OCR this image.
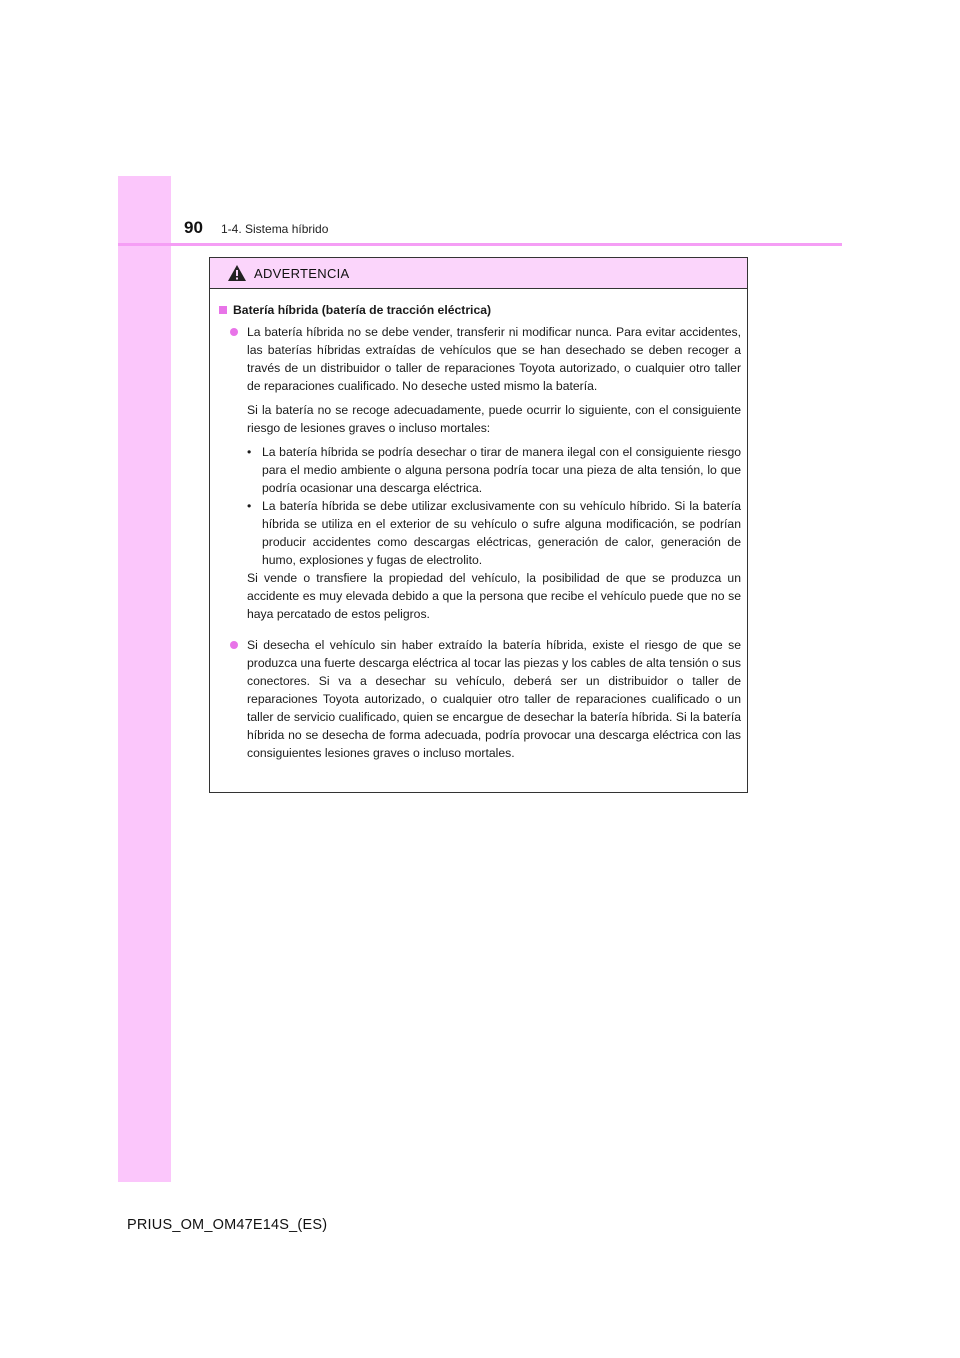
90 1-4. Sistema híbrido
ADVERTENCIA
Batería híbrida (batería de tracción eléctrica)

La batería híbrida no se debe vender, transferir ni modificar nunca. Para evitar accidentes, las baterías híbridas extraídas de vehículos que se han desechado se deben recoger a través de un distribuidor o taller de reparaciones Toyota autorizado, o cualquier otro taller de reparaciones cualificado. No deseche usted mismo la batería.

Si la batería no se recoge adecuadamente, puede ocurrir lo siguiente, con el consiguiente riesgo de lesiones graves o incluso mortales:

• La batería híbrida se podría desechar o tirar de manera ilegal con el consiguiente riesgo para el medio ambiente o alguna persona podría tocar una pieza de alta tensión, lo que podría ocasionar una descarga eléctrica.
• La batería híbrida se debe utilizar exclusivamente con su vehículo híbrido. Si la batería híbrida se utiliza en el exterior de su vehículo o sufre alguna modificación, se podrían producir accidentes como descargas eléctricas, generación de calor, generación de humo, explosiones y fugas de electrolito.

Si vende o transfiere la propiedad del vehículo, la posibilidad de que se produzca un accidente es muy elevada debido a que la persona que recibe el vehículo puede que no se haya percatado de estos peligros.

Si desecha el vehículo sin haber extraído la batería híbrida, existe el riesgo de que se produzca una fuerte descarga eléctrica al tocar las piezas y los cables de alta tensión o sus conectores. Si va a desechar su vehículo, deberá ser un distribuidor o taller de reparaciones Toyota autorizado, o cualquier otro taller de reparaciones cualificado o un taller de servicio cualificado, quien se encargue de desechar la batería híbrida. Si la batería híbrida no se desecha de forma adecuada, podría provocar una descarga eléctrica con las consiguientes lesiones graves o incluso mortales.

PRIUS_OM_OM47E14S_(ES)
